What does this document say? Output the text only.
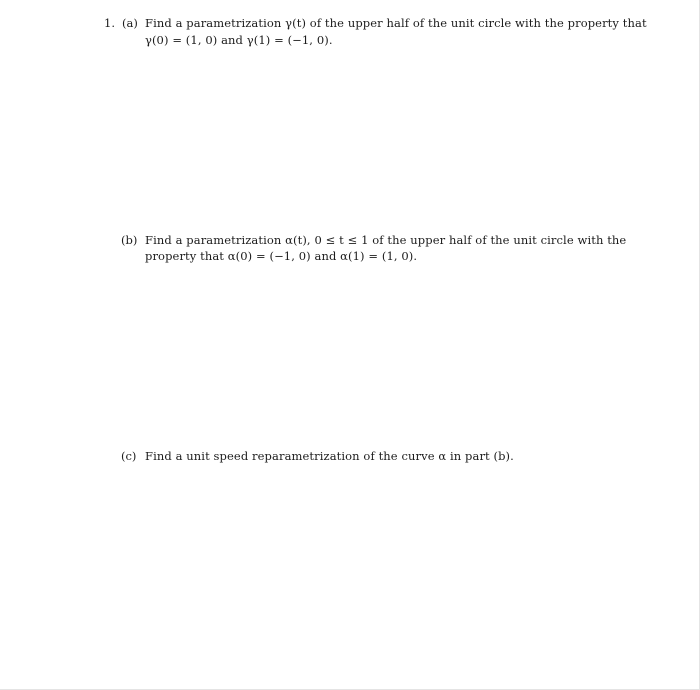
1. (a) Find a parametrization γ(t) of the upper half of the unit circle with the property that
γ(0) = (1, 0) and γ(1) = (−1, 0).
(b) Find a parametrization α(t), 0 ≤ t ≤ 1 of the upper half of the unit circle with the
property that α(0) = (−1, 0) and α(1) = (1, 0).
(c) Find a unit speed reparametrization of the curve α in part (b).
